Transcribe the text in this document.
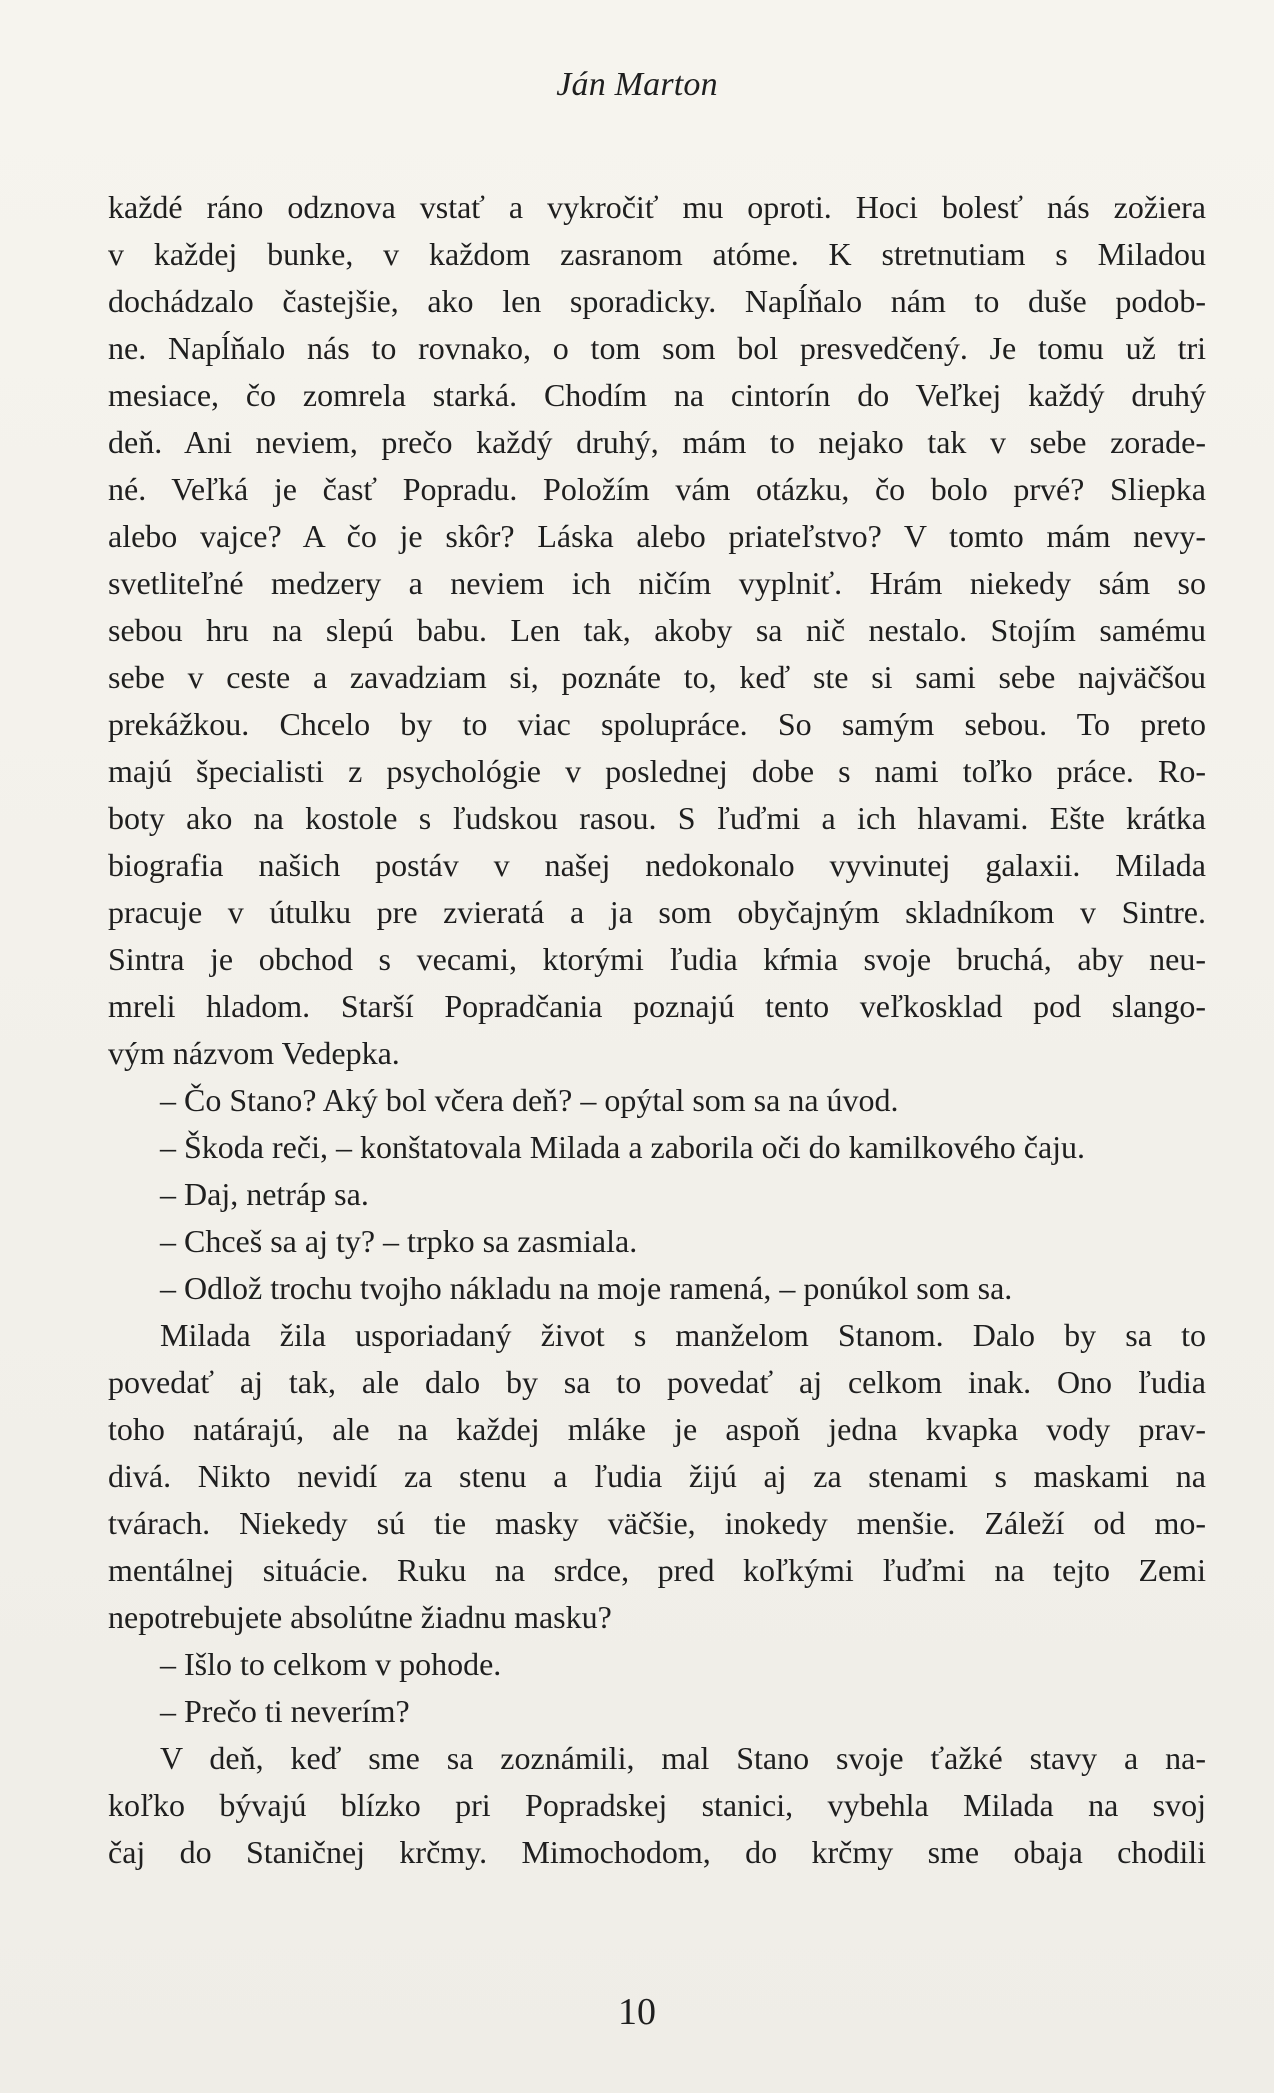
Ján Marton
každé ráno odznova vstať a vykročiť mu oproti. Hoci bolesť nás zožiera
v každej bunke, v každom zasranom atóme. K stretnutiam s Miladou
dochádzalo častejšie, ako len sporadicky. Napĺňalo nám to duše podob-
ne. Napĺňalo nás to rovnako, o tom som bol presvedčený. Je tomu už tri
mesiace, čo zomrela starká. Chodím na cintorín do Veľkej každý druhý
deň. Ani neviem, prečo každý druhý, mám to nejako tak v sebe zorade-
né. Veľká je časť Popradu. Položím vám otázku, čo bolo prvé? Sliepka
alebo vajce? A čo je skôr? Láska alebo priateľstvo? V tomto mám nevy-
svetliteľné medzery a neviem ich ničím vyplniť. Hrám niekedy sám so
sebou hru na slepú babu. Len tak, akoby sa nič nestalo. Stojím samému
sebe v ceste a zavadziam si, poznáte to, keď ste si sami sebe najväčšou
prekážkou. Chcelo by to viac spolupráce. So samým sebou. To preto
majú špecialisti z psychológie v poslednej dobe s nami toľko práce. Ro-
boty ako na kostole s ľudskou rasou. S ľuďmi a ich hlavami. Ešte krátka
biografia našich postáv v našej nedokonalo vyvinutej galaxii. Milada
pracuje v útulku pre zvieratá a ja som obyčajným skladníkom v Sintre.
Sintra je obchod s vecami, ktorými ľudia kŕmia svoje bruchá, aby neu-
mreli hladom. Starší Popradčania poznajú tento veľkosklad pod slango-
vým názvom Vedepka.
– Čo Stano? Aký bol včera deň? – opýtal som sa na úvod.
– Škoda reči, – konštatovala Milada a zaborila oči do kamilkového čaju.
– Daj, netráp sa.
– Chceš sa aj ty? – trpko sa zasmiala.
– Odlož trochu tvojho nákladu na moje ramená, – ponúkol som sa.
Milada žila usporiadaný život s manželom Stanom. Dalo by sa to
povedať aj tak, ale dalo by sa to povedať aj celkom inak. Ono ľudia
toho natárajú, ale na každej mláke je aspoň jedna kvapka vody prav-
divá. Nikto nevidí za stenu a ľudia žijú aj za stenami s maskami na
tvárach. Niekedy sú tie masky väčšie, inokedy menšie. Záleží od mo-
mentálnej situácie. Ruku na srdce, pred koľkými ľuďmi na tejto Zemi
nepotrebujete absolútne žiadnu masku?
– Išlo to celkom v pohode.
– Prečo ti neverím?
V deň, keď sme sa zoznámili, mal Stano svoje ťažké stavy a na-
koľko bývajú blízko pri Popradskej stanici, vybehla Milada na svoj
čaj do Staničnej krčmy. Mimochodom, do krčmy sme obaja chodili
10
